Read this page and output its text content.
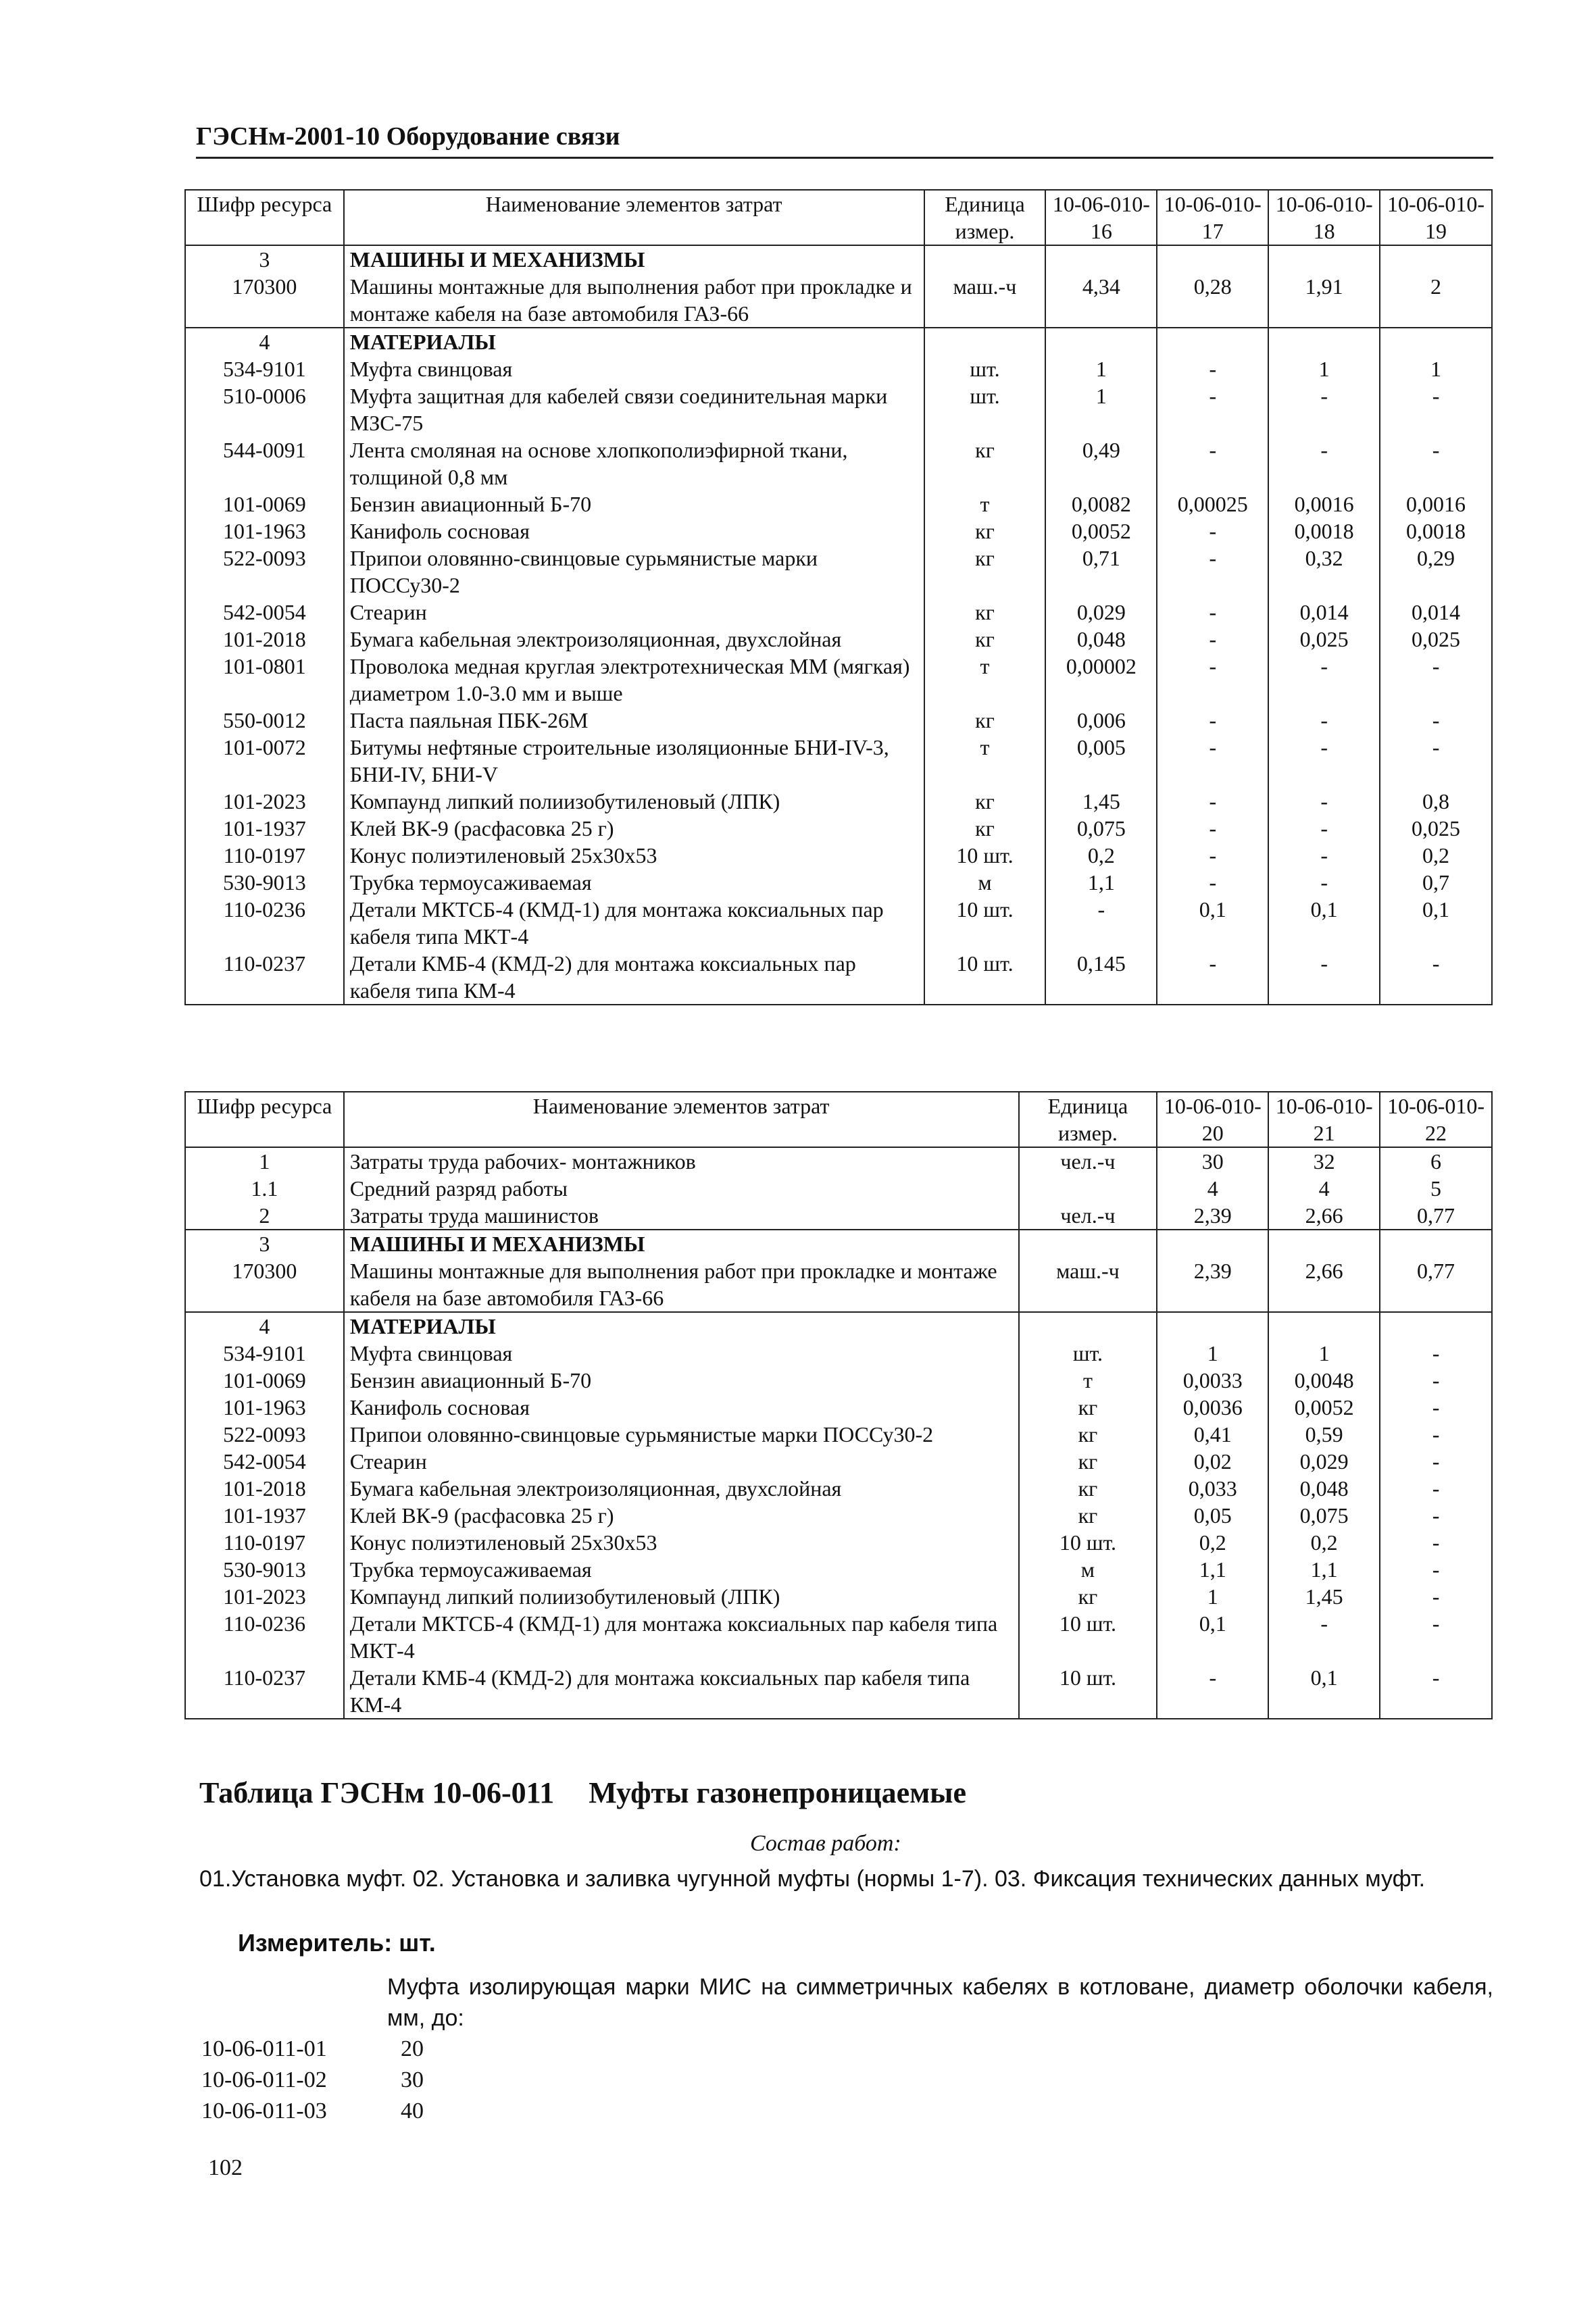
ГЭСНм-2001-10 Оборудование связи
Шифр ресурса	Наименование элементов затрат	Единица измер.	10-06-010-16	10-06-010-17	10-06-010-18	10-06-010-19
3	МАШИНЫ И МЕХАНИЗМЫ					
170300	Машины монтажные для выполнения работ при прокладке и монтаже кабеля на базе автомобиля ГАЗ-66	маш.-ч	4,34	0,28	1,91	2
4	МАТЕРИАЛЫ					
534-9101	Муфта свинцовая	шт.	1	-	1	1
510-0006	Муфта защитная для кабелей связи соединительная марки МЗС-75	шт.	1	-	-	-
544-0091	Лента смоляная на основе хлопкополиэфирной ткани, толщиной 0,8 мм	кг	0,49	-	-	-
101-0069	Бензин авиационный Б-70	т	0,0082	0,00025	0,0016	0,0016
101-1963	Канифоль сосновая	кг	0,0052	-	0,0018	0,0018
522-0093	Припои оловянно-свинцовые сурьмянистые марки ПОССу30-2	кг	0,71	-	0,32	0,29
542-0054	Стеарин	кг	0,029	-	0,014	0,014
101-2018	Бумага кабельная электроизоляционная, двухслойная	кг	0,048	-	0,025	0,025
101-0801	Проволока медная круглая электротехническая ММ (мягкая) диаметром 1.0-3.0 мм и выше	т	0,00002	-	-	-
550-0012	Паста паяльная ПБК-26М	кг	0,006	-	-	-
101-0072	Битумы нефтяные строительные изоляционные БНИ-IV-3, БНИ-IV, БНИ-V	т	0,005	-	-	-
101-2023	Компаунд липкий полиизобутиленовый (ЛПК)	кг	1,45	-	-	0,8
101-1937	Клей ВК-9 (расфасовка 25 г)	кг	0,075	-	-	0,025
110-0197	Конус полиэтиленовый 25x30x53	10 шт.	0,2	-	-	0,2
530-9013	Трубка термоусаживаемая	м	1,1	-	-	0,7
110-0236	Детали МКТСБ-4 (КМД-1) для монтажа коксиальных пар кабеля типа МКТ-4	10 шт.	-	0,1	0,1	0,1
110-0237	Детали КМБ-4 (КМД-2) для монтажа коксиальных пар кабеля типа КМ-4	10 шт.	0,145	-	-	-
Шифр ресурса	Наименование элементов затрат	Единица измер.	10-06-010-20	10-06-010-21	10-06-010-22
1	Затраты труда рабочих- монтажников	чел.-ч	30	32	6
1.1	Средний разряд работы		4	4	5
2	Затраты труда машинистов	чел.-ч	2,39	2,66	0,77
3	МАШИНЫ И МЕХАНИЗМЫ				
170300	Машины монтажные для выполнения работ при прокладке и монтаже кабеля на базе автомобиля ГАЗ-66	маш.-ч	2,39	2,66	0,77
4	МАТЕРИАЛЫ				
534-9101	Муфта свинцовая	шт.	1	1	-
101-0069	Бензин авиационный Б-70	т	0,0033	0,0048	-
101-1963	Канифоль сосновая	кг	0,0036	0,0052	-
522-0093	Припои оловянно-свинцовые сурьмянистые марки ПОССу30-2	кг	0,41	0,59	-
542-0054	Стеарин	кг	0,02	0,029	-
101-2018	Бумага кабельная электроизоляционная, двухслойная	кг	0,033	0,048	-
101-1937	Клей ВК-9 (расфасовка 25 г)	кг	0,05	0,075	-
110-0197	Конус полиэтиленовый 25x30x53	10 шт.	0,2	0,2	-
530-9013	Трубка термоусаживаемая	м	1,1	1,1	-
101-2023	Компаунд липкий полиизобутиленовый (ЛПК)	кг	1	1,45	-
110-0236	Детали МКТСБ-4 (КМД-1) для монтажа коксиальных пар кабеля типа МКТ-4	10 шт.	0,1	-	-
110-0237	Детали КМБ-4 (КМД-2) для монтажа коксиальных пар кабеля типа КМ-4	10 шт.	-	0,1	-
Таблица ГЭСНм 10-06-011 Муфты газонепроницаемые
Состав работ:
01.Установка муфт. 02. Установка и заливка чугунной муфты (нормы 1-7). 03. Фиксация технических данных муфт.
Измеритель: шт.
Муфта изолирующая марки МИС на симметричных кабелях в котловане, диаметр оболочки кабеля, мм, до:
10-06-011-01	20
10-06-011-02	30
10-06-011-03	40
102
